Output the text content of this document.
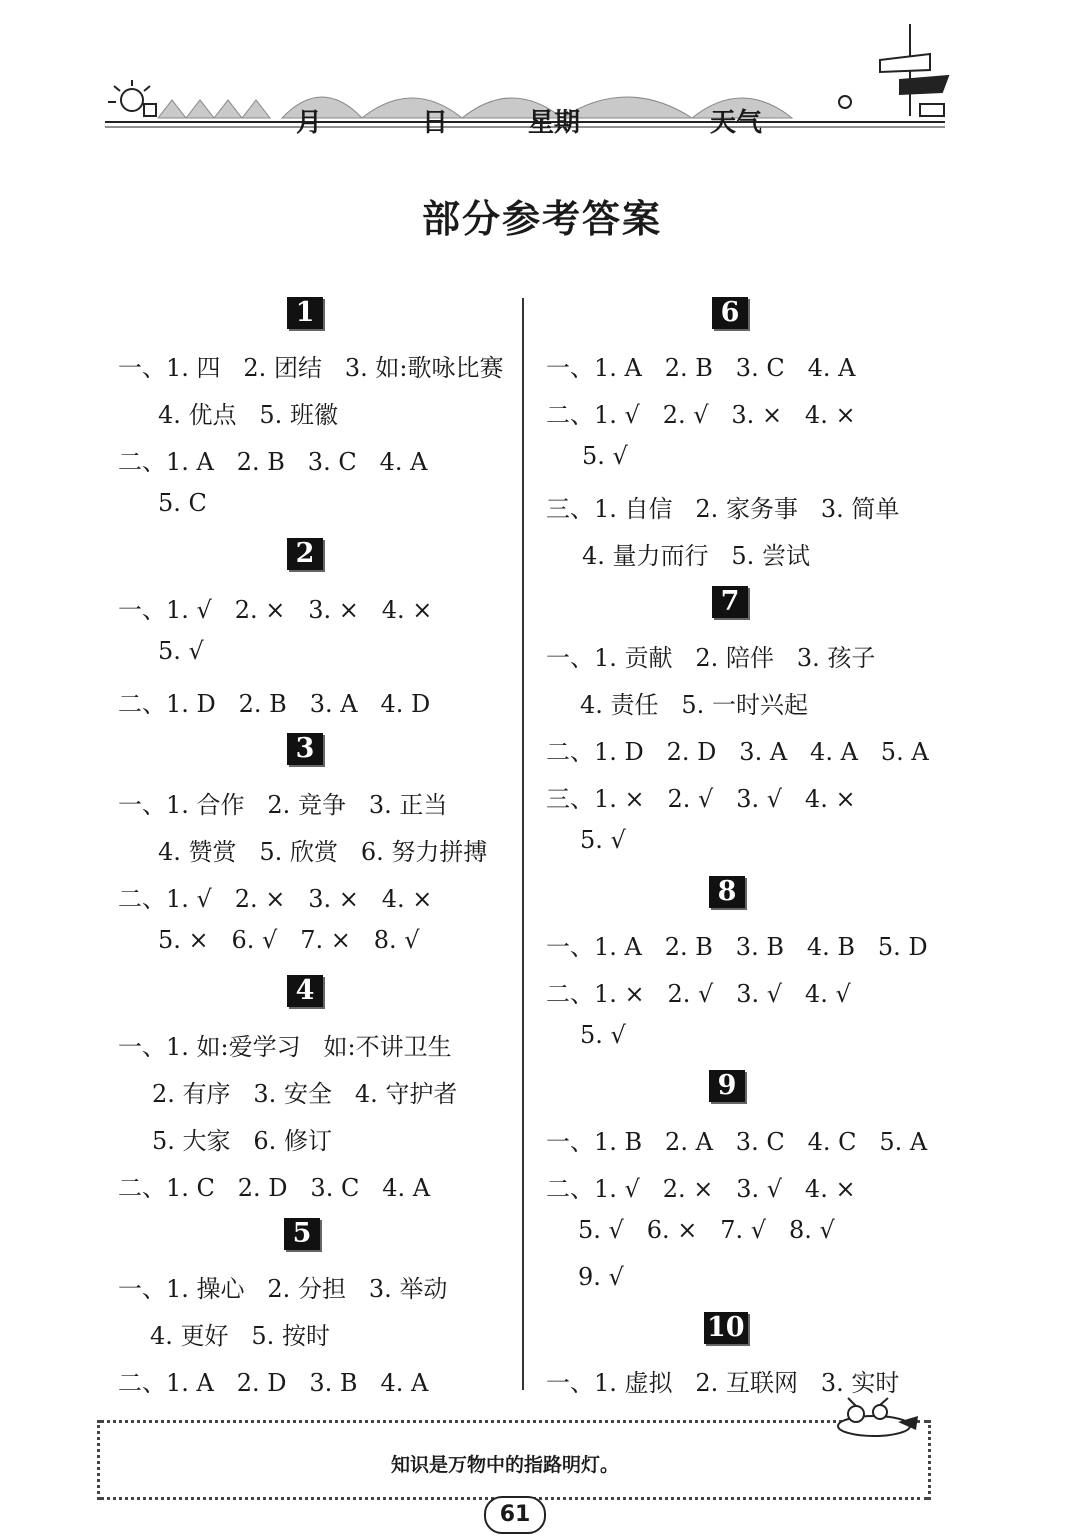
月	日	星期	天气
部分参考答案
1
一、1. 四   2. 团结   3. 如:歌咏比赛
4. 优点   5. 班徽
二、1. A   2. B   3. C   4. A
5. C
2
一、1. √   2. ×   3. ×   4. ×
5. √
二、1. D   2. B   3. A   4. D
3
一、1. 合作   2. 竞争   3. 正当
4. 赞赏   5. 欣赏   6. 努力拼搏
二、1. √   2. ×   3. ×   4. ×
5. ×   6. √   7. ×   8. √
4
一、1. 如:爱学习   如:不讲卫生
2. 有序   3. 安全   4. 守护者
5. 大家   6. 修订
二、1. C   2. D   3. C   4. A
5
一、1. 操心   2. 分担   3. 举动
4. 更好   5. 按时
二、1. A   2. D   3. B   4. A
6
一、1. A   2. B   3. C   4. A
二、1. √   2. √   3. ×   4. ×
5. √
三、1. 自信   2. 家务事   3. 简单
4. 量力而行   5. 尝试
7
一、1. 贡献   2. 陪伴   3. 孩子
4. 责任   5. 一时兴起
二、1. D   2. D   3. A   4. A   5. A
三、1. ×   2. √   3. √   4. ×
5. √
8
一、1. A   2. B   3. B   4. B   5. D
二、1. ×   2. √   3. √   4. √
5. √
9
一、1. B   2. A   3. C   4. C   5. A
二、1. √   2. ×   3. √   4. ×
5. √   6. ×   7. √   8. √
9. √
10
一、1. 虚拟   2. 互联网   3. 实时
知识是万物中的指路明灯。
61
